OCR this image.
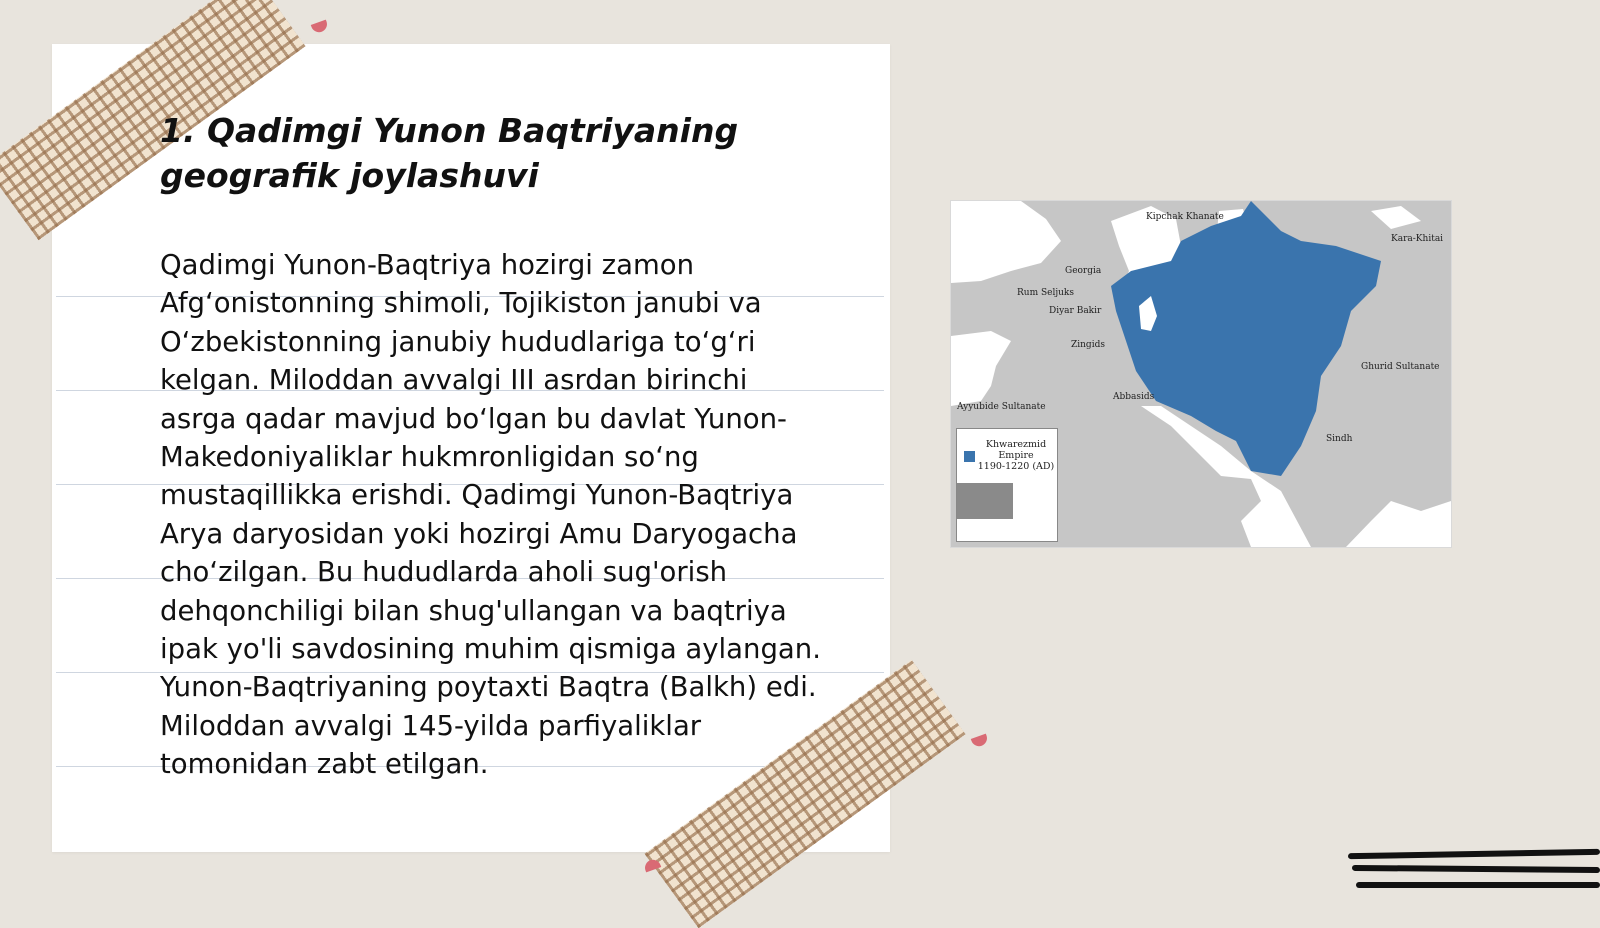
1. Qadimgi Yunon Baqtriyaning geografik joylashuvi

Qadimgi Yunon-Baqtriya hozirgi zamon Afg‘onistonning shimoli, Tojikiston janubi va O‘zbekistonning janubiy hududlariga to‘g‘ri kelgan. Miloddan avvalgi III asrdan birinchi asrga qadar mavjud bo‘lgan bu davlat Yunon-Makedoniyaliklar hukmronligidan so‘ng mustaqillikka erishdi. Qadimgi Yunon-Baqtriya Arya daryosidan yoki hozirgi Amu Daryogacha cho‘zilgan. Bu hududlarda aholi sug'orish dehqonchiligi bilan shug'ullangan va baqtriya ipak yo'li savdosining muhim qismiga aylangan. Yunon-Baqtriyaning poytaxti Baqtra (Balkh) edi. Miloddan avvalgi 145-yilda parfiyaliklar tomonidan zabt etilgan.

Kipchak Khanate
Kara-Khitai
Georgia
Rum Seljuks
Diyar Bakir
Zingids
Ghurid Sultanate
Abbasids
Ayyubide Sultanate
Sindh
Khwarezmid
Empire
1190-1220 (AD)
